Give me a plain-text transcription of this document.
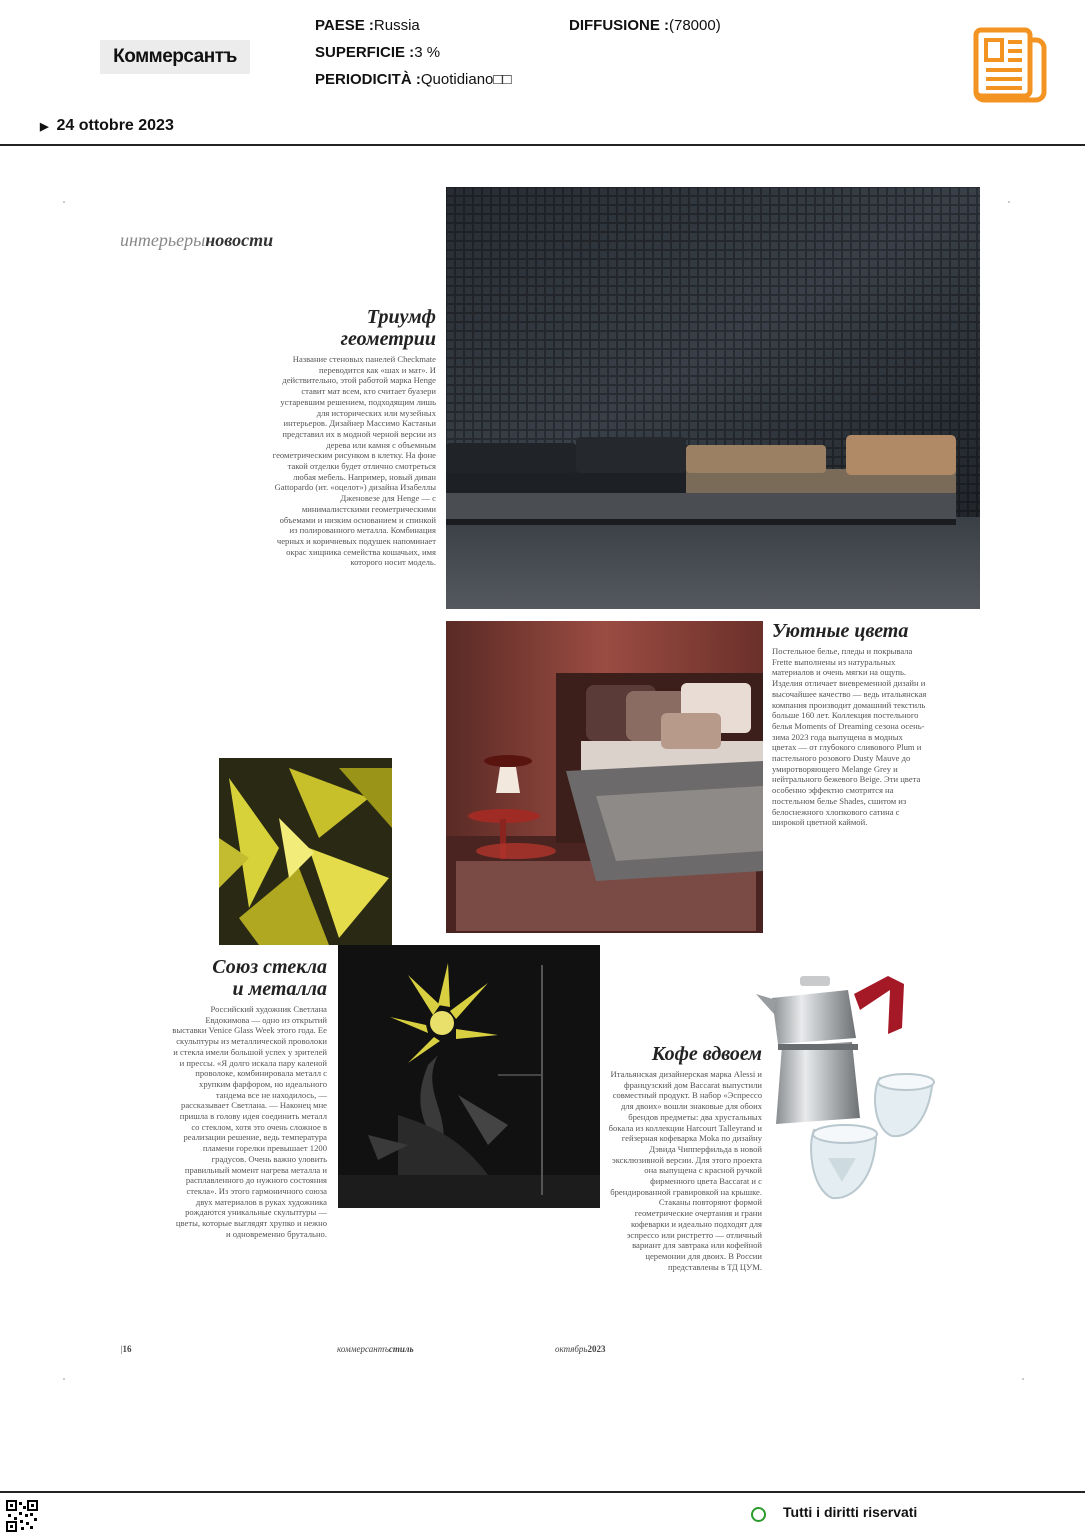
Коммерсантъ
PAESE :Russia
SUPERFICIE :3 %
PERIODICITÀ :Quotidiano□□
DIFFUSIONE :(78000)
▶ 24 ottobre 2023
интерьерыновости
Триумф
геометрии
Название стеновых панелей Checkmate переводится как «шах и мат». И действительно, этой работой марка Henge ставит мат всем, кто считает буазери устаревшим решением, подходящим лишь для исторических или музейных интерьеров. Дизайнер Массимо Кастаньи представил их в модной черной версии из дерева или камня с объемным геометрическим рисунком в клетку. На фоне такой отделки будет отлично смотреться любая мебель. Например, новый диван Gattopardo (ит. «оцелот») дизайна Изабеллы Дженовезе для Henge — с минималистскими геометрическими объемами и низким основанием и спинкой из полированного металла. Комбинация черных и коричневых подушек напоминает окрас хищника семейства кошачьих, имя которого носит модель.
Уютные цвета
Постельное белье, пледы и покрывала Frette выполнены из натуральных материалов и очень мягки на ощупь. Изделия отличает вневременной дизайн и высочайшее качество — ведь итальянская компания производит домашний текстиль больше 160 лет. Коллекция постельного белья Moments of Dreaming сезона осень-зима 2023 года выпущена в модных цветах — от глубокого сливового Plum и пастельного розового Dusty Mauve до умиротворяющего Melange Grey и нейтрального бежевого Beige. Эти цвета особенно эффектно смотрятся на постельном белье Shades, сшитом из белоснежного хлопкового сатина с широкой цветной каймой.
Союз стекла
и металла
Российский художник Светлана Евдокимова — одно из открытий выставки Venice Glass Week этого года. Ее скульптуры из металлической проволоки и стекла имели большой успех у зрителей и прессы. «Я долго искала пару каленой проволоке, комбинировала металл с хрупким фарфором, но идеального тандема все не находилось, — рассказывает Светлана. — Наконец мне пришла в голову идея соединить металл со стеклом, хотя это очень сложное в реализации решение, ведь температура пламени горелки превышает 1200 градусов. Очень важно уловить правильный момент нагрева металла и расплавленного до нужного состояния стекла». Из этого гармоничного союза двух материалов в руках художника рождаются уникальные скульптуры — цветы, которые выглядят хрупко и нежно и одновременно брутально.
Кофе вдвоем
Итальянская дизайнерская марка Alessi и французский дом Baccarat выпустили совместный продукт. В набор «Эспрессо для двоих» вошли знаковые для обоих брендов предметы: два хрустальных бокала из коллекции Harcourt Talleyrand и гейзерная кофеварка Moka по дизайну Дэвида Чипперфильда в новой эксклюзивной версии. Для этого проекта она выпущена с красной ручкой фирменного цвета Baccarat и с брендированной гравировкой на крышке. Стаканы повторяют формой геометрические очертания и грани кофеварки и идеально подходят для эспрессо или ристретто — отличный вариант для завтрака или кофейной церемонии для двоих. В России представлены в ТД ЦУМ.
|16	коммерсантъстиль	октябрь2023
Tutti i diritti riservati
